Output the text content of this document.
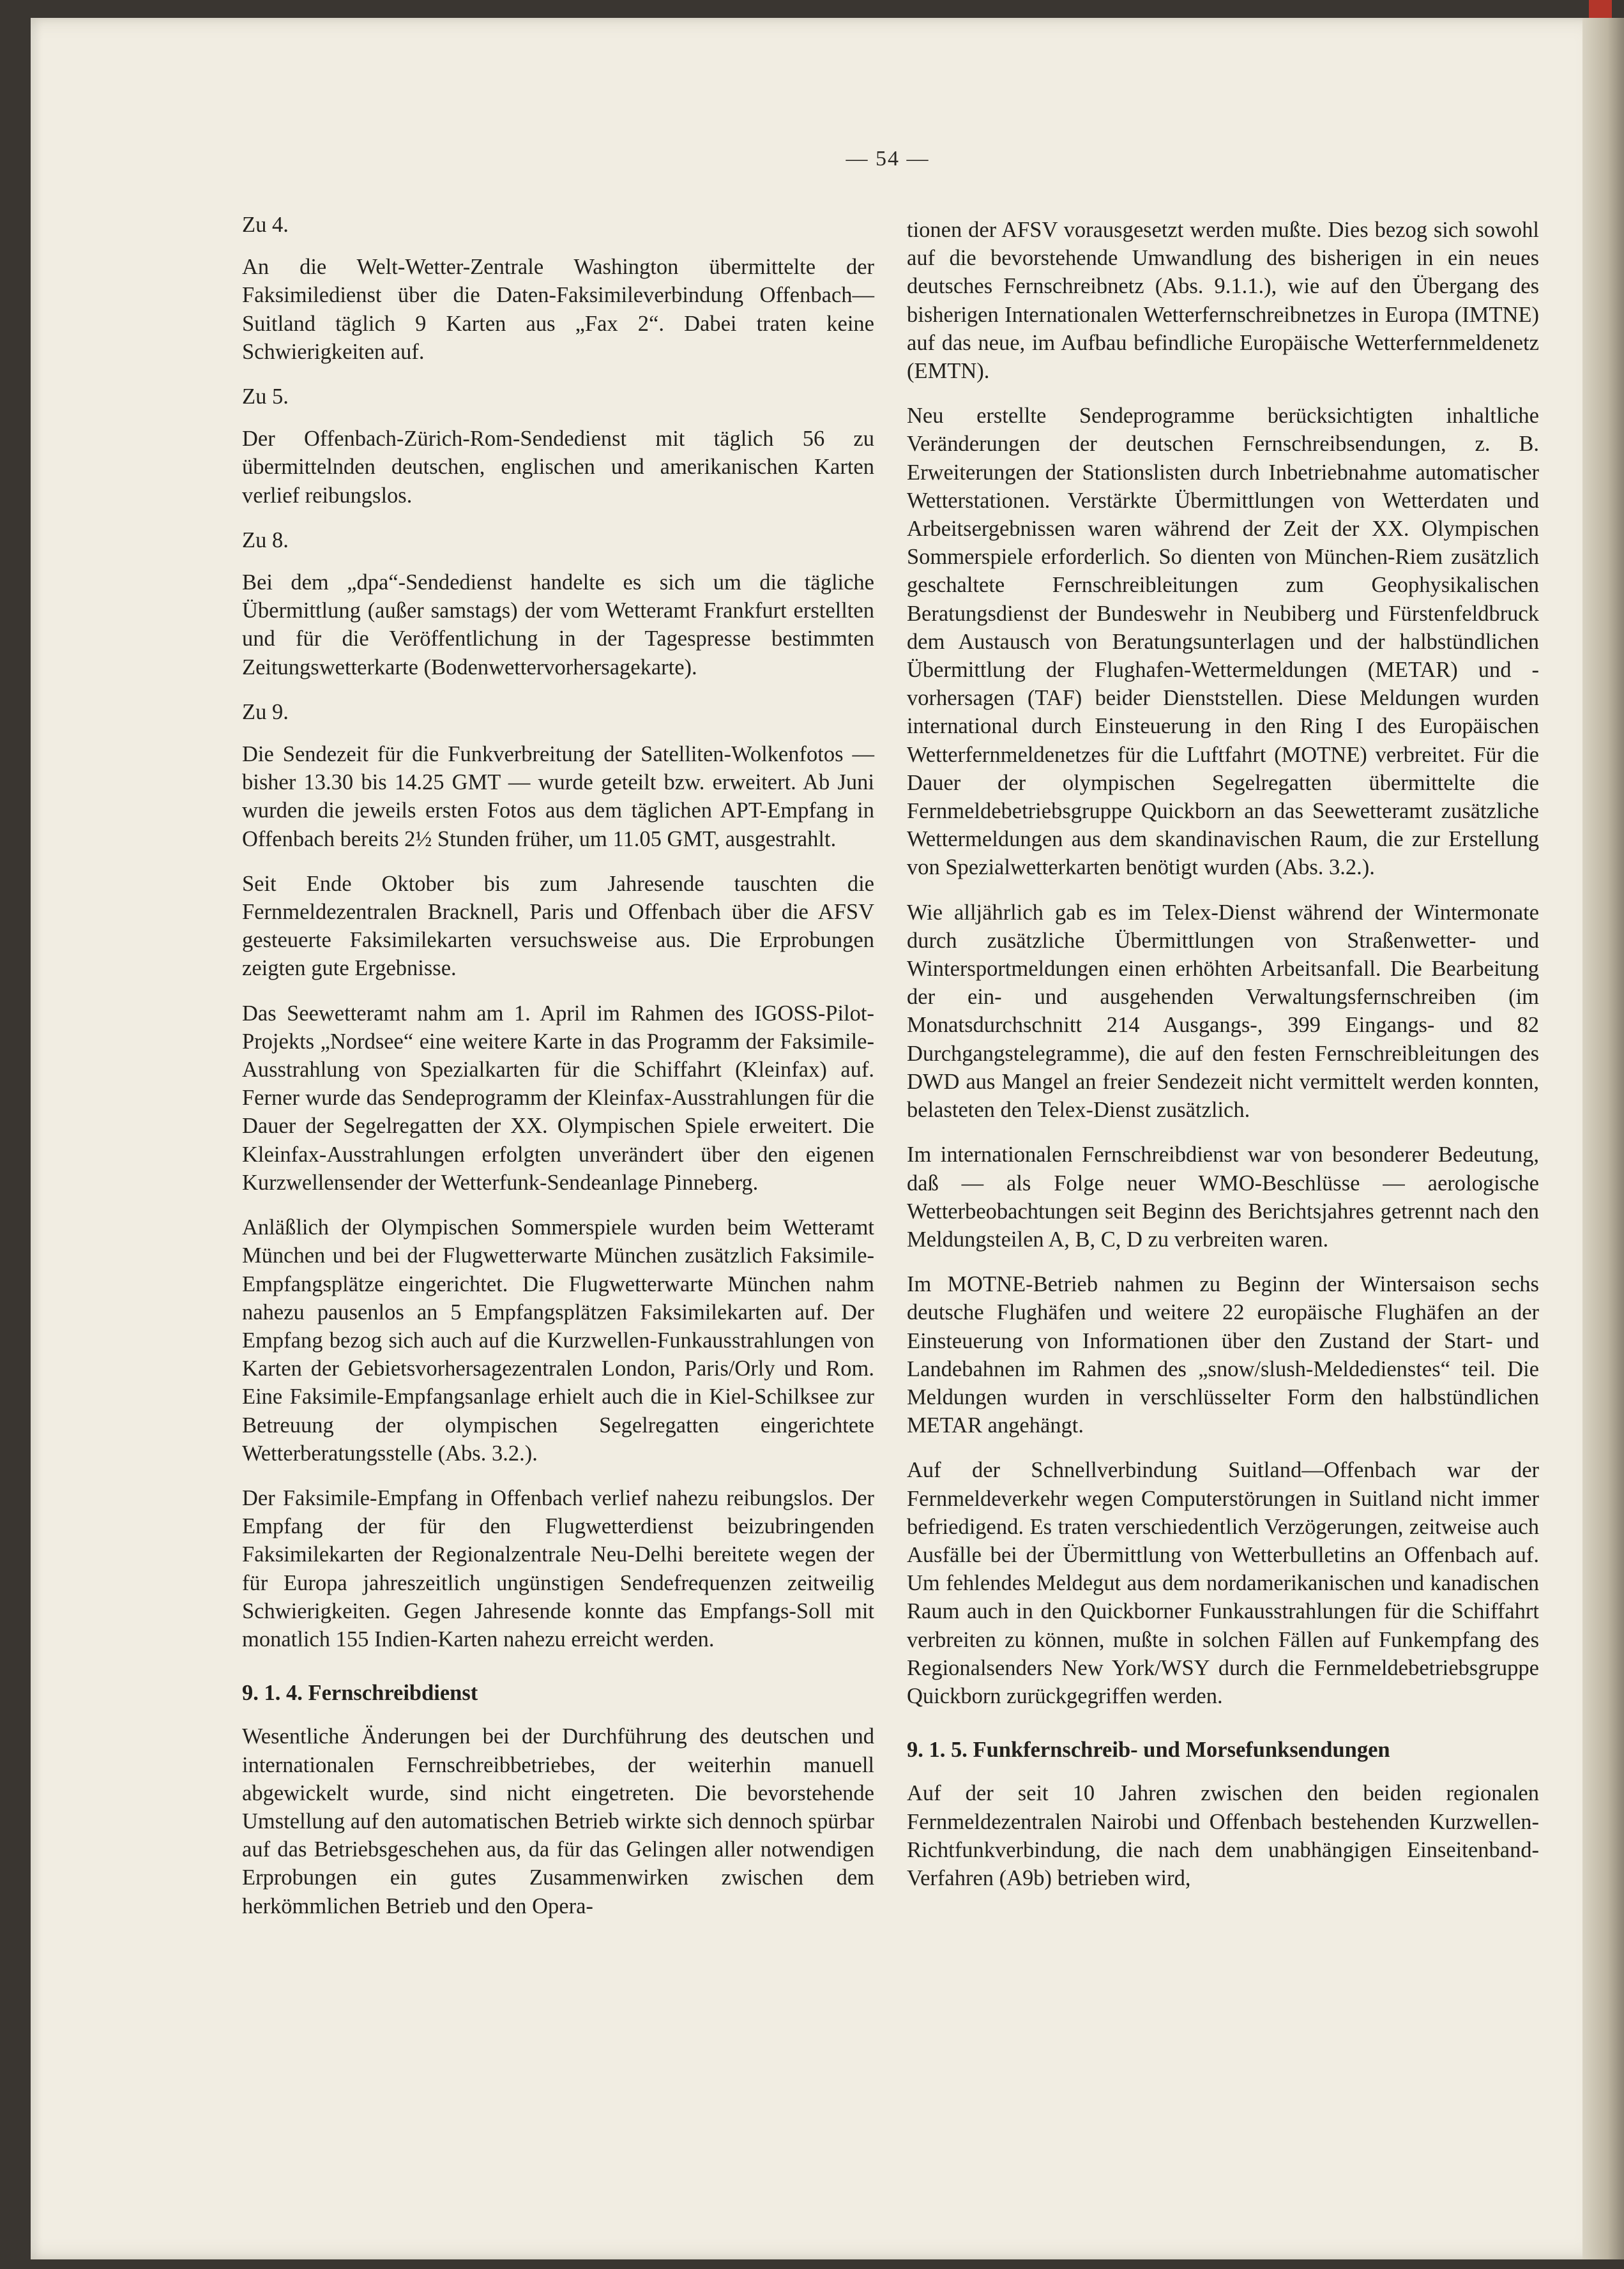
— 54 —

Zu 4.

An die Welt-Wetter-Zentrale Washington übermittelte der Faksimiledienst über die Daten-Faksimileverbindung Offenbach—Suitland täglich 9 Karten aus „Fax 2“. Dabei traten keine Schwierigkeiten auf.

Zu 5.

Der Offenbach-Zürich-Rom-Sendedienst mit täglich 56 zu übermittelnden deutschen, englischen und amerikanischen Karten verlief reibungslos.

Zu 8.

Bei dem „dpa“-Sendedienst handelte es sich um die tägliche Übermittlung (außer samstags) der vom Wetteramt Frankfurt erstellten und für die Veröffentlichung in der Tagespresse bestimmten Zeitungswetterkarte (Bodenwettervorhersagekarte).

Zu 9.

Die Sendezeit für die Funkverbreitung der Satelliten-Wolkenfotos — bisher 13.30 bis 14.25 GMT — wurde geteilt bzw. erweitert. Ab Juni wurden die jeweils ersten Fotos aus dem täglichen APT-Empfang in Offenbach bereits 2½ Stunden früher, um 11.05 GMT, ausgestrahlt.

Seit Ende Oktober bis zum Jahresende tauschten die Fernmeldezentralen Bracknell, Paris und Offenbach über die AFSV gesteuerte Faksimilekarten versuchsweise aus. Die Erprobungen zeigten gute Ergebnisse.

Das Seewetteramt nahm am 1. April im Rahmen des IGOSS-Pilot-Projekts „Nordsee“ eine weitere Karte in das Programm der Faksimile-Ausstrahlung von Spezialkarten für die Schiffahrt (Kleinfax) auf. Ferner wurde das Sendeprogramm der Kleinfax-Ausstrahlungen für die Dauer der Segelregatten der XX. Olympischen Spiele erweitert. Die Kleinfax-Ausstrahlungen erfolgten unverändert über den eigenen Kurzwellensender der Wetterfunk-Sendeanlage Pinneberg.

Anläßlich der Olympischen Sommerspiele wurden beim Wetteramt München und bei der Flugwetterwarte München zusätzlich Faksimile-Empfangsplätze eingerichtet. Die Flugwetterwarte München nahm nahezu pausenlos an 5 Empfangsplätzen Faksimilekarten auf. Der Empfang bezog sich auch auf die Kurzwellen-Funkausstrahlungen von Karten der Gebietsvorhersagezentralen London, Paris/Orly und Rom. Eine Faksimile-Empfangsanlage erhielt auch die in Kiel-Schilksee zur Betreuung der olympischen Segelregatten eingerichtete Wetterberatungsstelle (Abs. 3.2.).

Der Faksimile-Empfang in Offenbach verlief nahezu reibungslos. Der Empfang der für den Flugwetterdienst beizubringenden Faksimilekarten der Regionalzentrale Neu-Delhi bereitete wegen der für Europa jahreszeitlich ungünstigen Sendefrequenzen zeitweilig Schwierigkeiten. Gegen Jahresende konnte das Empfangs-Soll mit monatlich 155 Indien-Karten nahezu erreicht werden.

9. 1. 4. Fernschreibdienst

Wesentliche Änderungen bei der Durchführung des deutschen und internationalen Fernschreibbetriebes, der weiterhin manuell abgewickelt wurde, sind nicht eingetreten. Die bevorstehende Umstellung auf den automatischen Betrieb wirkte sich dennoch spürbar auf das Betriebsgeschehen aus, da für das Gelingen aller notwendigen Erprobungen ein gutes Zusammenwirken zwischen dem herkömmlichen Betrieb und den Opera-

tionen der AFSV vorausgesetzt werden mußte. Dies bezog sich sowohl auf die bevorstehende Umwandlung des bisherigen in ein neues deutsches Fernschreibnetz (Abs. 9.1.1.), wie auf den Übergang des bisherigen Internationalen Wetterfernschreibnetzes in Europa (IMTNE) auf das neue, im Aufbau befindliche Europäische Wetterfernmeldenetz (EMTN).

Neu erstellte Sendeprogramme berücksichtigten inhaltliche Veränderungen der deutschen Fernschreibsendungen, z. B. Erweiterungen der Stationslisten durch Inbetriebnahme automatischer Wetterstationen. Verstärkte Übermittlungen von Wetterdaten und Arbeitsergebnissen waren während der Zeit der XX. Olympischen Sommerspiele erforderlich. So dienten von München-Riem zusätzlich geschaltete Fernschreibleitungen zum Geophysikalischen Beratungsdienst der Bundeswehr in Neubiberg und Fürstenfeldbruck dem Austausch von Beratungsunterlagen und der halbstündlichen Übermittlung der Flughafen-Wettermeldungen (METAR) und -vorhersagen (TAF) beider Dienststellen. Diese Meldungen wurden international durch Einsteuerung in den Ring I des Europäischen Wetterfernmeldenetzes für die Luftfahrt (MOTNE) verbreitet. Für die Dauer der olympischen Segelregatten übermittelte die Fernmeldebetriebsgruppe Quickborn an das Seewetteramt zusätzliche Wettermeldungen aus dem skandinavischen Raum, die zur Erstellung von Spezialwetterkarten benötigt wurden (Abs. 3.2.).

Wie alljährlich gab es im Telex-Dienst während der Wintermonate durch zusätzliche Übermittlungen von Straßenwetter- und Wintersportmeldungen einen erhöhten Arbeitsanfall. Die Bearbeitung der ein- und ausgehenden Verwaltungsfernschreiben (im Monatsdurchschnitt 214 Ausgangs-, 399 Eingangs- und 82 Durchgangstelegramme), die auf den festen Fernschreibleitungen des DWD aus Mangel an freier Sendezeit nicht vermittelt werden konnten, belasteten den Telex-Dienst zusätzlich.

Im internationalen Fernschreibdienst war von besonderer Bedeutung, daß — als Folge neuer WMO-Beschlüsse — aerologische Wetterbeobachtungen seit Beginn des Berichtsjahres getrennt nach den Meldungsteilen A, B, C, D zu verbreiten waren.

Im MOTNE-Betrieb nahmen zu Beginn der Wintersaison sechs deutsche Flughäfen und weitere 22 europäische Flughäfen an der Einsteuerung von Informationen über den Zustand der Start- und Landebahnen im Rahmen des „snow/slush-Meldedienstes“ teil. Die Meldungen wurden in verschlüsselter Form den halbstündlichen METAR angehängt.

Auf der Schnellverbindung Suitland—Offenbach war der Fernmeldeverkehr wegen Computerstörungen in Suitland nicht immer befriedigend. Es traten verschiedentlich Verzögerungen, zeitweise auch Ausfälle bei der Übermittlung von Wetterbulletins an Offenbach auf. Um fehlendes Meldegut aus dem nordamerikanischen und kanadischen Raum auch in den Quickborner Funkausstrahlungen für die Schiffahrt verbreiten zu können, mußte in solchen Fällen auf Funkempfang des Regionalsenders New York/WSY durch die Fernmeldebetriebsgruppe Quickborn zurückgegriffen werden.

9. 1. 5. Funkfernschreib- und Morsefunksendungen

Auf der seit 10 Jahren zwischen den beiden regionalen Fernmeldezentralen Nairobi und Offenbach bestehenden Kurzwellen-Richtfunkverbindung, die nach dem unabhängigen Einseitenband-Verfahren (A9b) betrieben wird,
